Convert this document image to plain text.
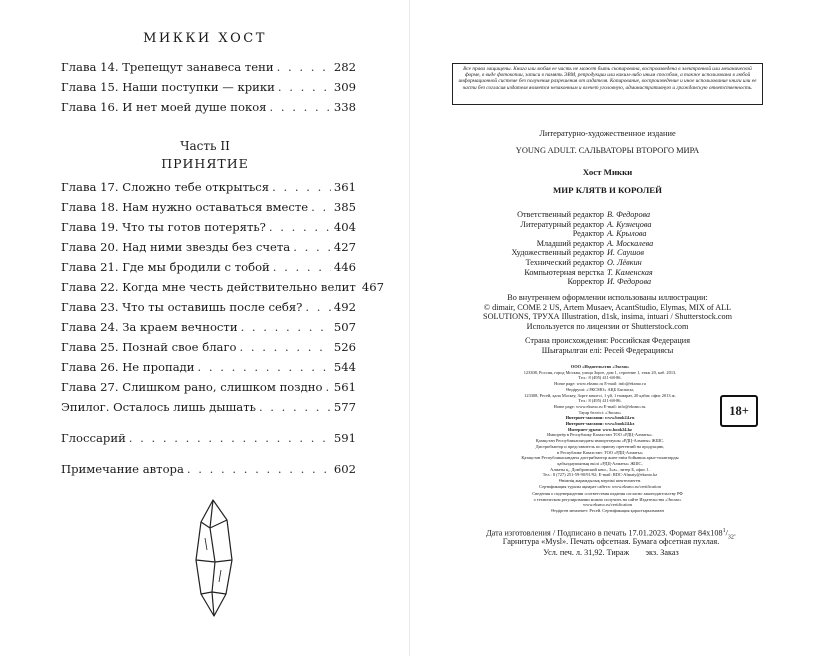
МИККИ ХОСТ
Глава 14. Трепещут занавеса тени . . .	282
Глава 15. Наши поступки — крики . . .	309
Глава 16. И нет моей душе покоя . . .	338
Часть II
ПРИНЯТИЕ
Глава 17. Сложно тебе открыться . . .	361
Глава 18. Нам нужно оставаться вместе . . . 385
Глава 19. Что ты готов потерять? . . .	404
Глава 20. Над ними звезды без счета . . .	427
Глава 21. Где мы бродили с тобой . . .	446
Глава 22. Когда мне честь действительно велит 467
Глава 23. Что ты оставишь после себя? . . .	492
Глава 24. За краем вечности . . .	507
Глава 25. Познай свое благо . . .	526
Глава 26. Не пропади . . .	544
Глава 27. Слишком рано, слишком поздно . . . 561
Эпилог. Осталось лишь дышать . . .	577
Глоссарий . . .	591
Примечание автора . . .	602
Все права защищены. Книга или любая ее часть не может быть скопирована, воспроизведена в электронной или механической форме, в виде фотокопии, записи в память ЭВМ, репродукции или каким-либо иным способом, а также использована в любой информационной системе без получения разрешения от издателя. Копирование, воспроизведение и иное использование книги или ее части без согласия издателя является незаконным и влечет уголовную, административную и гражданскую ответственность.
Литературно-художественное издание
YOUNG ADULT. САЛЬВАТОРЫ ВТОРОГО МИРА
Хост Микки
МИР КЛЯТВ И КОРОЛЕЙ
Ответственный редактор В. Федорова
Литературный редактор А. Кузнецова
Редактор А. Крылова
Младший редактор А. Москалева
Художественный редактор И. Саушов
Технический редактор О. Лёвкин
Компьютерная верстка Т. Каменская
Корректор И. Федорова
Во внутреннем оформлении использованы иллюстрации:
© dimair, COME 2 US, Artem Musaev, AcantStudio, Elymas, MIX of ALL
SOLUTIONS, ТРУХА Illustration, d1sk, insima, intuari / Shutterstock.com
Используется по лицензии от Shutterstock.com
Страна происхождения: Российская Федерация
Шығарылған елі: Ресей Федерациясы
ООО «Издательство «Эксмо»
123308, Россия, город Москва, улица Зорге, дом 1, строение 1, этаж 20, каб. 2013.
Тел.: 8 (495) 411-68-86.
Home page: www.eksmo.ru E-mail: info@eksmo.ru
Өндіруші: «ЭКСМО» АҚБ Баспасы,
123308, Ресей, қала Мәскеу, Зорге көшесі, 1 үй, 1 ғимарат, 20 қабат, офис 2013 ж.
Тел.: 8 (495) 411-68-86.
Home page: www.eksmo.ru E-mail: info@eksmo.ru.
Тауар белгісі: «Эксмо»
Интернет-магазин: www.book24.ru
Интернет-магазин: www.book24.kz
Интернет-дүкен: www.book24.kz
Импортёр в Республику Казахстан ТОО «РДЦ-Алматы».
Қазақстан Республикасындағы импорттаушы «РДЦ-Алматы» ЖШС.
Дистрибьютор и представитель по приему претензий на продукцию,
в Республике Казахстан: ТОО «РДЦ-Алматы»
Қазақстан Республикасындағы дистрибьютор және өнім бойынша арыз-талаптарды
қабылдаушының өкілі «РДЦ-Алматы» ЖШС,
Алматы қ., Домбровский көш., 3«а», литер Б, офис 1.
Тел.: 8 (727) 251-59-90/91/92; E-mail: RDC-Almaty@eksmo.kz
Өнімнің жарамдылық мерзімі шектелмеген.
Сертификация туралы ақпарат сайтта: www.eksmo.ru/certification
18+
Сведения о подтверждении соответствия издания согласно законодательству РФ
о техническом регулировании можно получить на сайте Издательства «Эксмо»
www.eksmo.ru/certification
Өндірген мемлекет: Ресей. Сертификация қарастырылмаған
Дата изготовления / Подписано в печать 17.01.2023. Формат $84x108^1/_{32}$.
Гарнитура «Mysl». Печать офсетная. Бумага офсетная пухлая.
Усл. печ. л. 31,92. Тираж        экз. Заказ
